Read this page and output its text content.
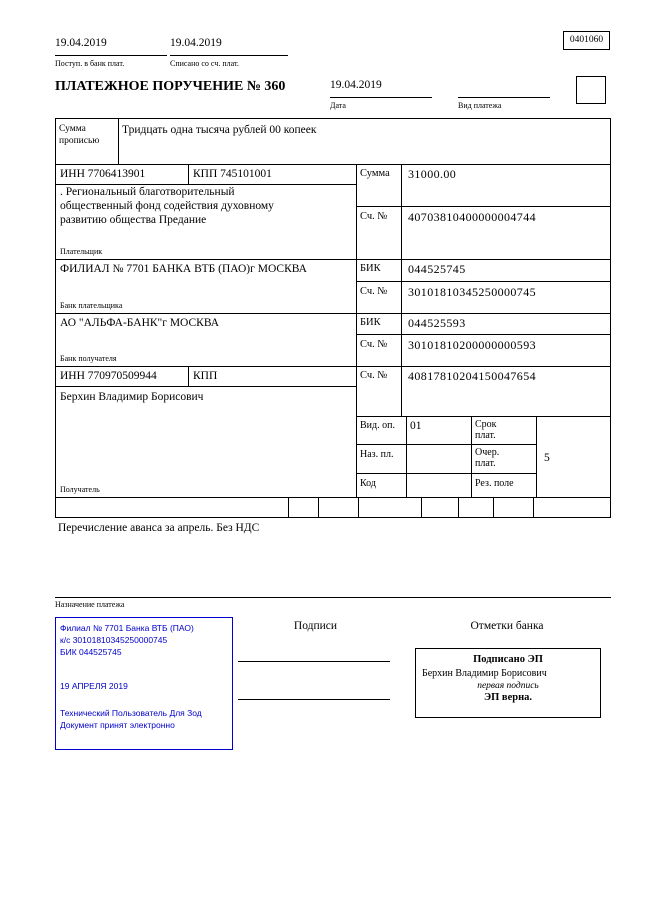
19.04.2019
Поступ. в банк плат.
19.04.2019
Списано со сч. плат.
0401060
ПЛАТЕЖНОЕ ПОРУЧЕНИЕ № 360	19.04.2019
Дата	Вид платежа
Сумма прописью
Тридцать одна тысяча рублей 00 копеек
ИНН 7706413901	КПП 745101001
. Региональный благотворительный общественный фонд содействия духовному развитию общества Предание
Плательщик
Сумма 31000.00
Сч. № 40703810400000004744
ФИЛИАЛ № 7701 БАНКА ВТБ (ПАО)г МОСКВА	БИК 044525745
Сч. № 30101810345250000745
Банк плательщика
АО "АЛЬФА-БАНК"г МОСКВА	БИК 044525593
Сч. № 30101810200000000593
Банк получателя
ИНН 770970509944	КПП	Сч. № 40817810204150047654
Берхин Владимир Борисович
Получатель
Вид. оп. 01	Срок плат.
Наз. пл.	Очер. плат.	5
Код	Рез. поле
Перечисление аванса за апрель. Без НДС
Назначение платежа
Филиал № 7701 Банка ВТБ (ПАО)
к/с 30101810345250000745
БИК 044525745
19 АПРЕЛЯ 2019
Технический Пользователь Для Зод
Документ принят электронно
Подписи	Отметки банка
Подписано ЭП
Берхин Владимир Борисович
первая подпись
ЭП верна.
